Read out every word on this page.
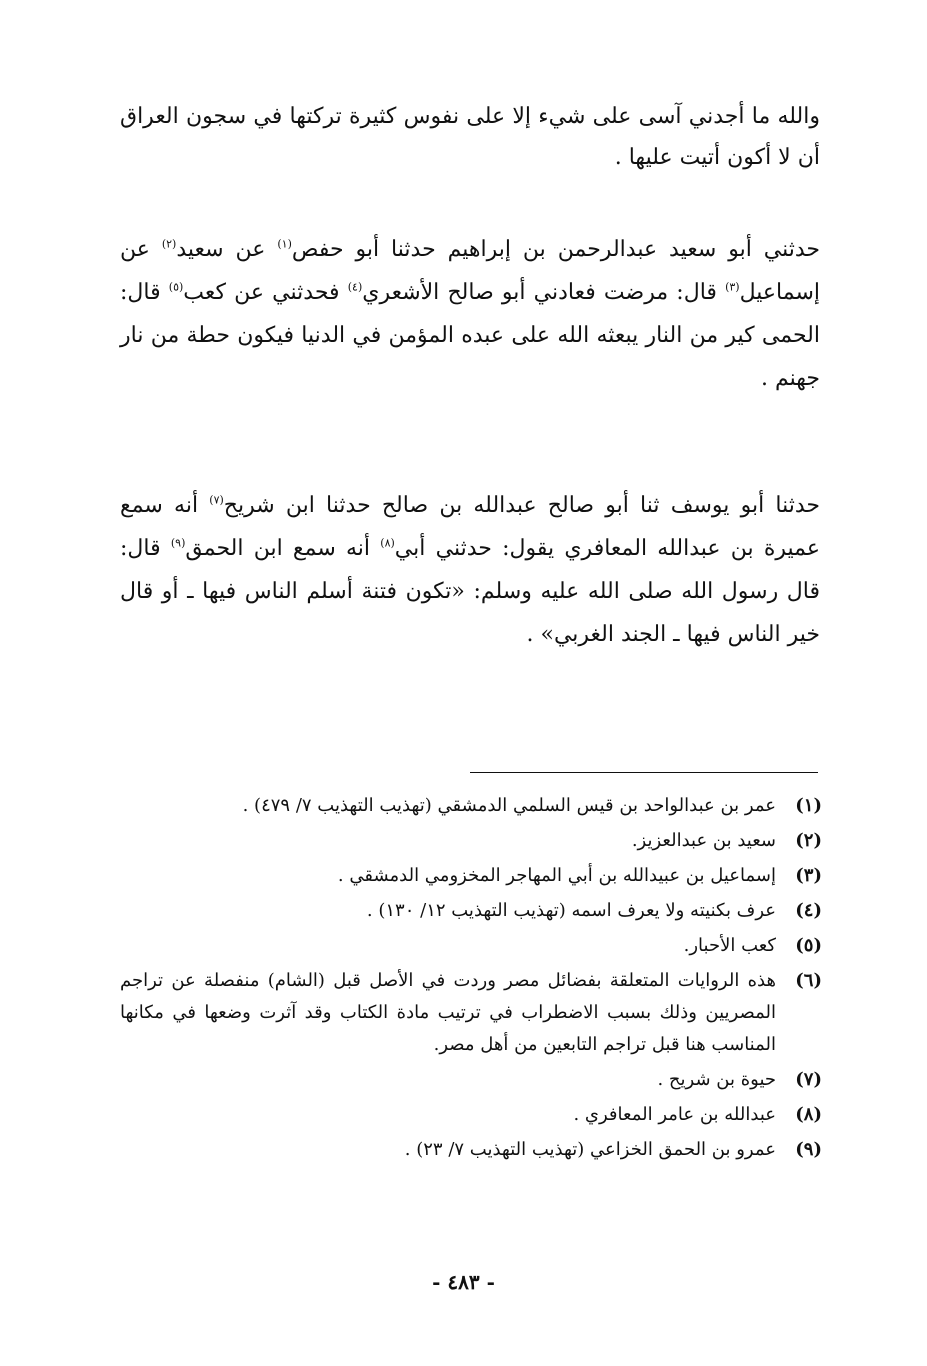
والله ما أجدني آسى على شيء إلا على نفوس كثيرة تركتها في سجون العراق أن لا أكون أتيت عليها .

حدثني أبو سعيد عبدالرحمن بن إبراهيم حدثنا أبو حفص$^{(١)}$ عن سعيد$^{(٢)}$ عن إسماعيل$^{(٣)}$ قال: مرضت فعادني أبو صالح الأشعري$^{(٤)}$ فحدثني عن كعب$^{(٥)}$ قال: الحمى كير من النار يبعثه الله على عبده المؤمن في الدنيا فيكون حطة من نار جهنم .

حدثنا أبو يوسف ثنا أبو صالح عبدالله بن صالح حدثنا ابن شريح$^{(٧)}$ أنه سمع عميرة بن عبدالله المعافري يقول: حدثني أبي$^{(٨)}$ أنه سمع ابن الحمق$^{(٩)}$ قال: قال رسول الله صلى الله عليه وسلم: «تكون فتنة أسلم الناس فيها ـ أو قال خير الناس فيها ـ الجند الغربي» .

(١)
عمر بن عبدالواحد بن قيس السلمي الدمشقي (تهذيب التهذيب ٧/ ٤٧٩) .
(٢)
سعيد بن عبدالعزيز.
(٣)
إسماعيل بن عبيدالله بن أبي المهاجر المخزومي الدمشقي .
(٤)
عرف بكنيته ولا يعرف اسمه (تهذيب التهذيب ١٢/ ١٣٠) .
(٥)
كعب الأحبار.
(٦)
هذه الروايات المتعلقة بفضائل مصر وردت في الأصل قبل (الشام) منفصلة عن تراجم المصريين وذلك بسبب الاضطراب في ترتيب مادة الكتاب وقد آثرت وضعها في مكانها المناسب هنا قبل تراجم التابعين من أهل مصر.
(٧)
حيوة بن شريح .
(٨)
عبدالله بن عامر المعافري .
(٩)
عمرو بن الحمق الخزاعي (تهذيب التهذيب ٧/ ٢٣) .
- ٤٨٣ -
